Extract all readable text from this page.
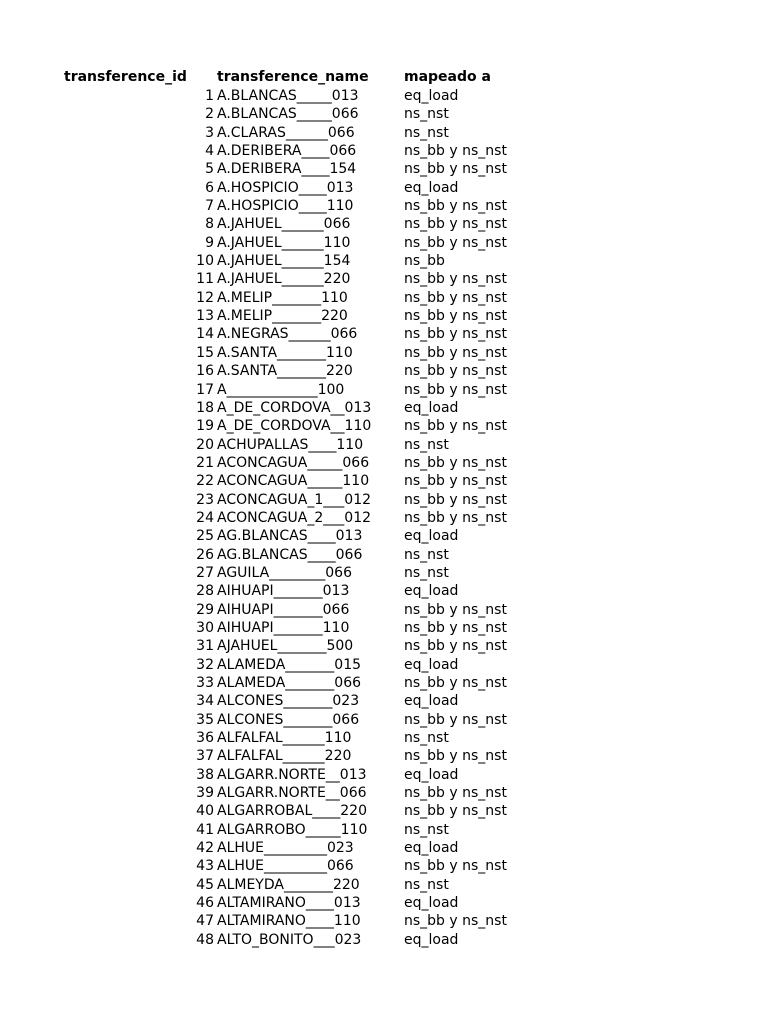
transference_id transference_name	mapeado a
1 A.BLANCAS_____013	eq_load
2 A.BLANCAS_____066	ns_nst
3 A.CLARAS______066	ns_nst
4 A.DERIBERA____066	ns_bb y ns_nst
5 A.DERIBERA____154	ns_bb y ns_nst
6 A.HOSPICIO____013	eq_load
7 A.HOSPICIO____110	ns_bb y ns_nst
8 A.JAHUEL______066	ns_bb y ns_nst
9 A.JAHUEL______110	ns_bb y ns_nst
10 A.JAHUEL______154	ns_bb
11 A.JAHUEL______220	ns_bb y ns_nst
12 A.MELIP_______110	ns_bb y ns_nst
13 A.MELIP_______220	ns_bb y ns_nst
14 A.NEGRAS______066	ns_bb y ns_nst
15 A.SANTA_______110	ns_bb y ns_nst
16 A.SANTA_______220	ns_bb y ns_nst
17 A_____________100	ns_bb y ns_nst
18 A_DE_CORDOVA__013 eq_load
19 A_DE_CORDOVA__110 ns_bb y ns_nst
20 ACHUPALLAS____110	ns_nst
21 ACONCAGUA_____066 ns_bb y ns_nst
22 ACONCAGUA_____110 ns_bb y ns_nst
23 ACONCAGUA_1___012 ns_bb y ns_nst
24 ACONCAGUA_2___012 ns_bb y ns_nst
25 AG.BLANCAS____013	eq_load
26 AG.BLANCAS____066	ns_nst
27 AGUILA________066	ns_nst
28 AIHUAPI_______013	eq_load
29 AIHUAPI_______066	ns_bb y ns_nst
30 AIHUAPI_______110	ns_bb y ns_nst
31 AJAHUEL_______500	ns_bb y ns_nst
32 ALAMEDA_______015	eq_load
33 ALAMEDA_______066	ns_bb y ns_nst
34 ALCONES_______023	eq_load
35 ALCONES_______066	ns_bb y ns_nst
36 ALFALFAL______110	ns_nst
37 ALFALFAL______220	ns_bb y ns_nst
38 ALGARR.NORTE__013	eq_load
39 ALGARR.NORTE__066	ns_bb y ns_nst
40 ALGARROBAL____220	ns_bb y ns_nst
41 ALGARROBO_____110	ns_nst
42 ALHUE_________023	eq_load
43 ALHUE_________066	ns_bb y ns_nst
45 ALMEYDA_______220	ns_nst
46 ALTAMIRANO____013	eq_load
47 ALTAMIRANO____110	ns_bb y ns_nst
48 ALTO_BONITO___023	eq_load
